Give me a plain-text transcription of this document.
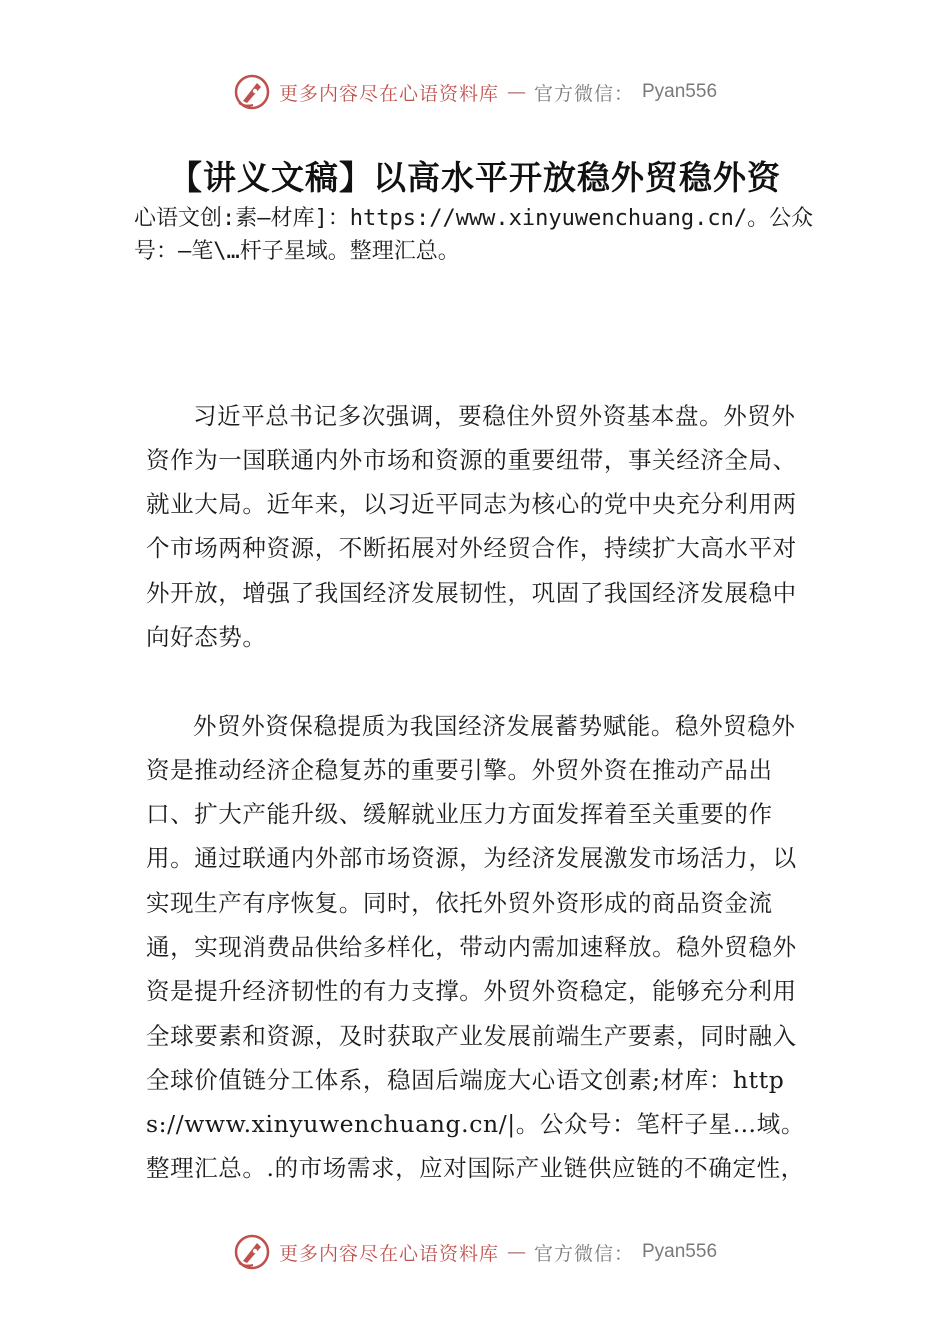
更多内容尽在心语资料库 — 官方微信： Pyan556
【讲义文稿】以高水平开放稳外贸稳外资
心语文创:素—材库]：https://www.xinyuwenchuang.cn/。公众号：—笔\…杆子星域。整理汇总。

习近平总书记多次强调，要稳住外贸外资基本盘。外贸外资作为一国联通内外市场和资源的重要纽带，事关经济全局、就业大局。近年来，以习近平同志为核心的党中央充分利用两个市场两种资源，不断拓展对外经贸合作，持续扩大高水平对外开放，增强了我国经济发展韧性，巩固了我国经济发展稳中向好态势。

外贸外资保稳提质为我国经济发展蓄势赋能。稳外贸稳外资是推动经济企稳复苏的重要引擎。外贸外资在推动产品出口、扩大产能升级、缓解就业压力方面发挥着至关重要的作用。通过联通内外部市场资源，为经济发展激发市场活力，以实现生产有序恢复。同时，依托外贸外资形成的商品资金流通，实现消费品供给多样化，带动内需加速释放。稳外贸稳外资是提升经济韧性的有力支撑。外贸外资稳定，能够充分利用全球要素和资源，及时获取产业发展前端生产要素，同时融入全球价值链分工体系，稳固后端庞大心语文创素;材库：https://www.xinyuwenchuang.cn/|。公众号：笔杆子星…域。整理汇总。.的市场需求，应对国际产业链供应链的不确定性，

更多内容尽在心语资料库 — 官方微信： Pyan556
